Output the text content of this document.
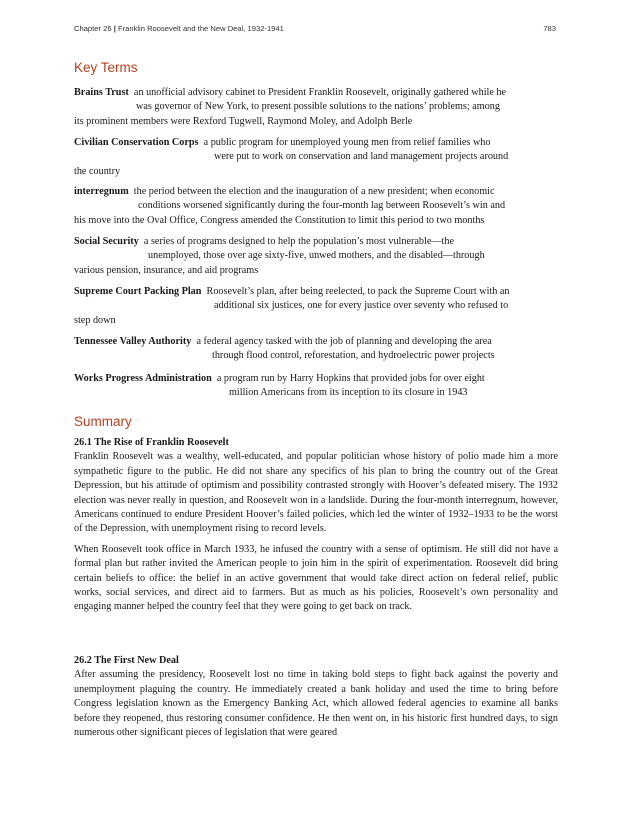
Chapter 26 | Franklin Roosevelt and the New Deal, 1932-1941	783
Key Terms
Brains Trust an unofficial advisory cabinet to President Franklin Roosevelt, originally gathered while he
was governor of New York, to present possible solutions to the nations’ problems; among
its prominent members were Rexford Tugwell, Raymond Moley, and Adolph Berle
Civilian Conservation Corps a public program for unemployed young men from relief families who
were put to work on conservation and land management projects around
the country
interregnum the period between the election and the inauguration of a new president; when economic
conditions worsened significantly during the four-month lag between Roosevelt’s win and
his move into the Oval Office, Congress amended the Constitution to limit this period to two months
Social Security a series of programs designed to help the population’s most vulnerable—the
unemployed, those over age sixty-five, unwed mothers, and the disabled—through
various pension, insurance, and aid programs
Supreme Court Packing Plan Roosevelt’s plan, after being reelected, to pack the Supreme Court with an
additional six justices, one for every justice over seventy who refused to
step down
Tennessee Valley Authority a federal agency tasked with the job of planning and developing the area
through flood control, reforestation, and hydroelectric power projects
Works Progress Administration a program run by Harry Hopkins that provided jobs for over eight
million Americans from its inception to its closure in 1943
Summary
26.1 The Rise of Franklin Roosevelt

Franklin Roosevelt was a wealthy, well-educated, and popular politician whose history of polio made him a more sympathetic figure to the public. He did not share any specifics of his plan to bring the country out of the Great Depression, but his attitude of optimism and possibility contrasted strongly with Hoover’s defeated misery. The 1932 election was never really in question, and Roosevelt won in a landslide. During the four-month interregnum, however, Americans continued to endure President Hoover’s failed policies, which led the winter of 1932–1933 to be the worst of the Depression, with unemployment rising to record levels.

When Roosevelt took office in March 1933, he infused the country with a sense of optimism. He still did not have a formal plan but rather invited the American people to join him in the spirit of experimentation. Roosevelt did bring certain beliefs to office: the belief in an active government that would take direct action on federal relief, public works, social services, and direct aid to farmers. But as much as his policies, Roosevelt’s own personality and engaging manner helped the country feel that they were going to get back on track.

26.2 The First New Deal

After assuming the presidency, Roosevelt lost no time in taking bold steps to fight back against the poverty and unemployment plaguing the country. He immediately created a bank holiday and used the time to bring before Congress legislation known as the Emergency Banking Act, which allowed federal agencies to examine all banks before they reopened, thus restoring consumer confidence. He then went on, in his historic first hundred days, to sign numerous other significant pieces of legislation that were geared
